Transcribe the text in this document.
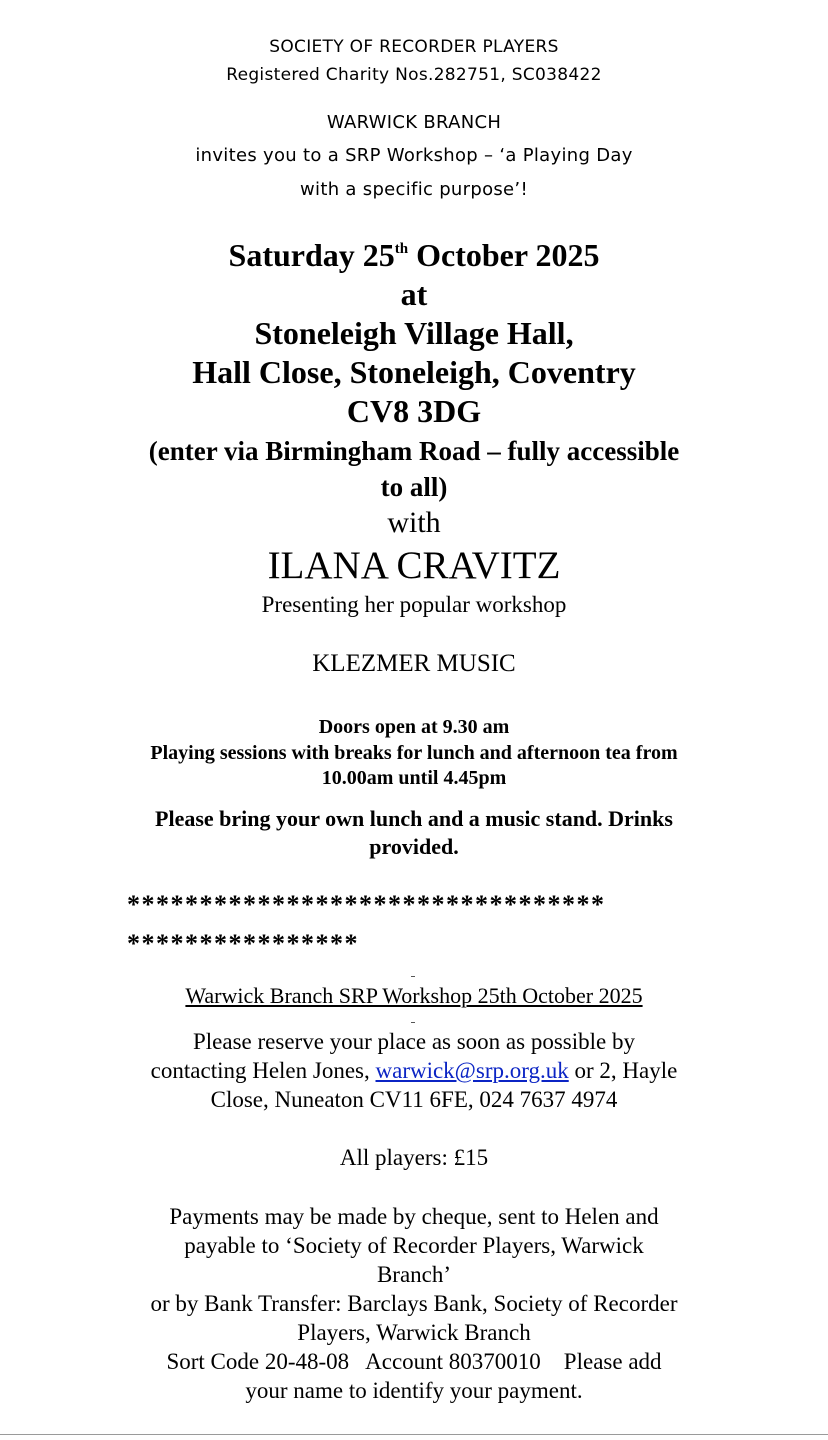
SOCIETY OF RECORDER PLAYERS
Registered Charity Nos.282751, SC038422
WARWICK BRANCH
invites you to a SRP Workshop – ‘a Playing Day
with a specific purpose’!
Saturday 25th October 2025
at
Stoneleigh Village Hall,
Hall Close, Stoneleigh, Coventry
CV8 3DG
(enter via Birmingham Road – fully accessible
to all)
with
ILANA CRAVITZ
Presenting her popular workshop
KLEZMER MUSIC
Doors open at 9.30 am
Playing sessions with breaks for lunch and afternoon tea from
10.00am until 4.45pm
Please bring your own lunch and a music stand. Drinks
provided.
*********************************
****************
Warwick Branch SRP Workshop 25th October 2025
Please reserve your place as soon as possible by
contacting Helen Jones, warwick@srp.org.uk or 2, Hayle
Close, Nuneaton CV11 6FE, 024 7637 4974
All players: £15
Payments may be made by cheque, sent to Helen and
payable to ‘Society of Recorder Players, Warwick
Branch’
or by Bank Transfer: Barclays Bank, Society of Recorder
Players, Warwick Branch
Sort Code 20-48-08   Account 80370010    Please add
your name to identify your payment.
